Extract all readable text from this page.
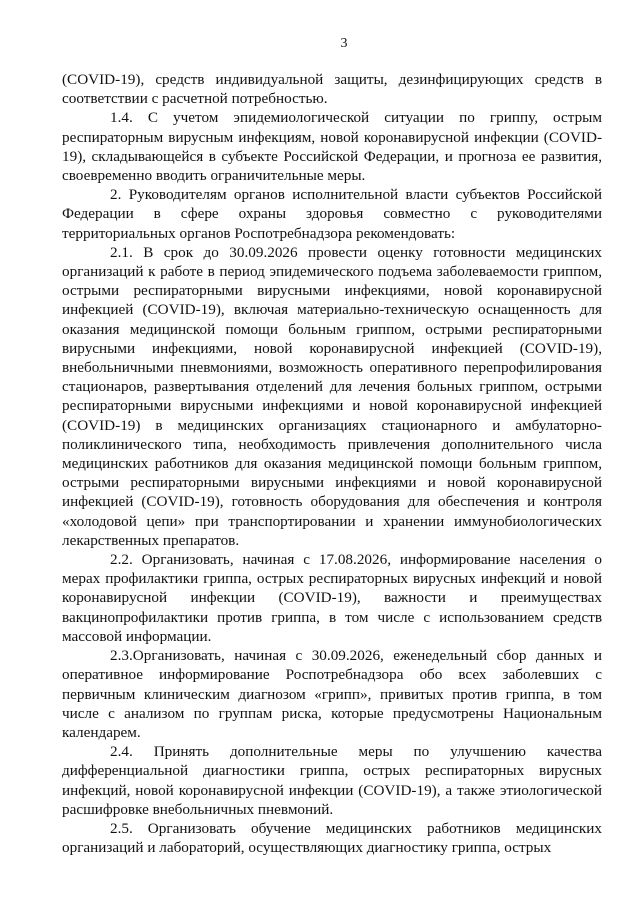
3

(COVID-19), средств индивидуальной защиты, дезинфицирующих средств в соответствии с расчетной потребностью.

1.4. С учетом эпидемиологической ситуации по гриппу, острым респираторным вирусным инфекциям, новой коронавирусной инфекции (COVID-19), складывающейся в субъекте Российской Федерации, и прогноза ее развития, своевременно вводить ограничительные меры.

2. Руководителям органов исполнительной власти субъектов Российской Федерации в сфере охраны здоровья совместно с руководителями территориальных органов Роспотребнадзора рекомендовать:

2.1. В срок до 30.09.2026 провести оценку готовности медицинских организаций к работе в период эпидемического подъема заболеваемости гриппом, острыми респираторными вирусными инфекциями, новой коронавирусной инфекцией (COVID-19), включая материально-техническую оснащенность для оказания медицинской помощи больным гриппом, острыми респираторными вирусными инфекциями, новой коронавирусной инфекцией (COVID-19), внебольничными пневмониями, возможность оперативного перепрофилирования стационаров, развертывания отделений для лечения больных гриппом, острыми респираторными вирусными инфекциями и новой коронавирусной инфекцией (COVID-19) в медицинских организациях стационарного и амбулаторно-поликлинического типа, необходимость привлечения дополнительного числа медицинских работников для оказания медицинской помощи больным гриппом, острыми респираторными вирусными инфекциями и новой коронавирусной инфекцией (COVID-19), готовность оборудования для обеспечения и контроля «холодовой цепи» при транспортировании и хранении иммунобиологических лекарственных препаратов.

2.2. Организовать, начиная с 17.08.2026, информирование населения о мерах профилактики гриппа, острых респираторных вирусных инфекций и новой коронавирусной инфекции (COVID-19), важности и преимуществах вакцинопрофилактики против гриппа, в том числе с использованием средств массовой информации.

2.3.Организовать, начиная с 30.09.2026, еженедельный сбор данных и оперативное информирование Роспотребнадзора обо всех заболевших с первичным клиническим диагнозом «грипп», привитых против гриппа, в том числе с анализом по группам риска, которые предусмотрены Национальным календарем.

2.4. Принять дополнительные меры по улучшению качества дифференциальной диагностики гриппа, острых респираторных вирусных инфекций, новой коронавирусной инфекции (COVID-19), а также этиологической расшифровке внебольничных пневмоний.

2.5. Организовать обучение медицинских работников медицинских организаций и лабораторий, осуществляющих диагностику гриппа, острых
